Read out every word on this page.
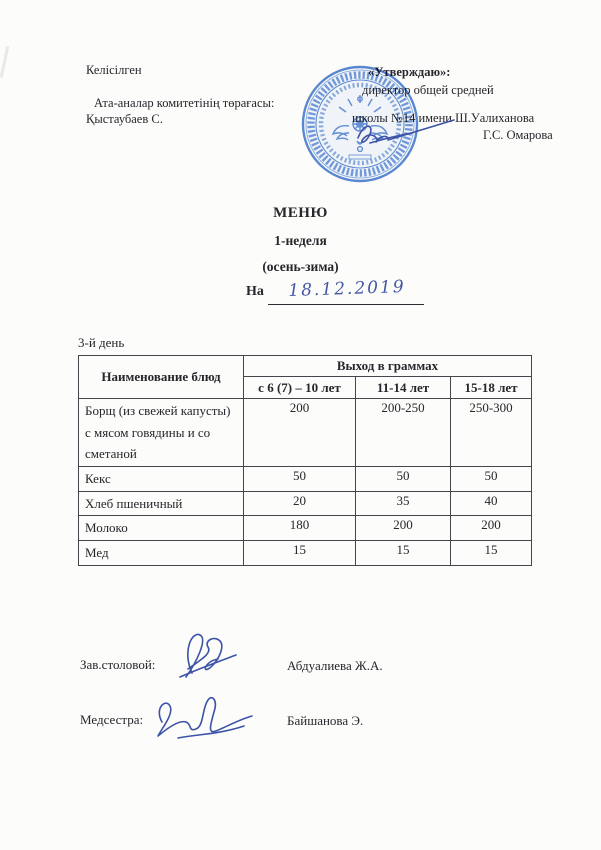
Келісілген
Ата-аналар комитетінің төрағасы:
Қыстаубаев С.
«Утверждаю»:
директор общей средней
школы №14 имени Ш.Уалиханова
Г.С. Омарова
МЕНЮ
1-неделя
(осень-зима)
На	18.12.2019
3-й день
Наименование блюд	Выход в граммах		
	с 6 (7) – 10 лет	11-14 лет	15-18 лет
Борщ (из свежей капусты) с мясом говядины и со сметаной	200	200-250	250-300
Кекс	50	50	50
Хлеб пшеничный	20	35	40
Молоко	180	200	200
Мед	15	15	15
Зав.столовой:	Абдуалиева Ж.А.
Медсестра:	Байшанова Э.
